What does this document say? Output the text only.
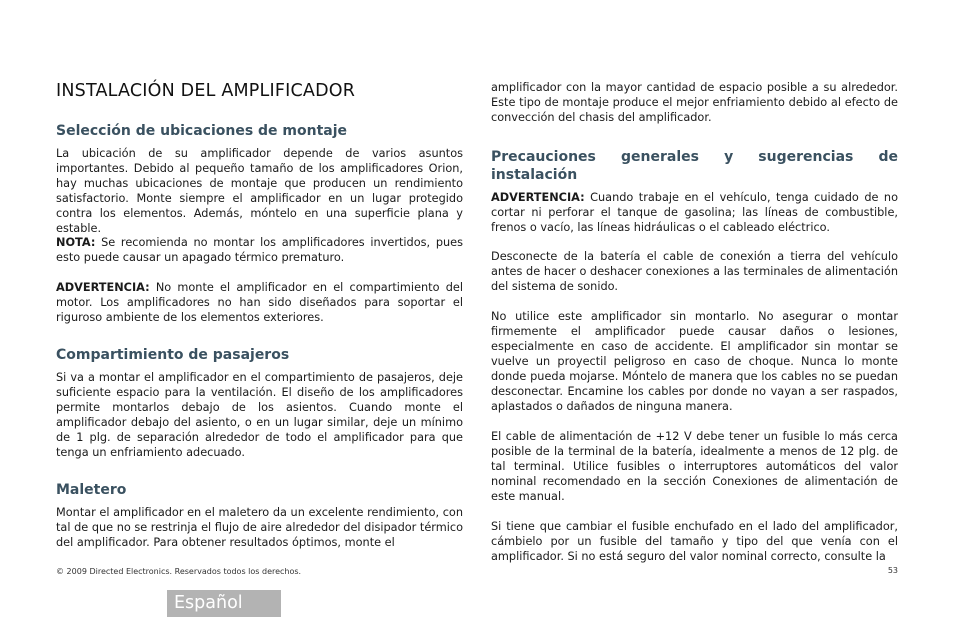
INSTALACIÓN DEL AMPLIFICADOR
Selección de ubicaciones de montaje

La ubicación de su amplificador depende de varios asuntos importantes. Debido al pequeño tamaño de los amplificadores Orion, hay muchas ubicaciones de montaje que producen un rendimiento satisfactorio. Monte siempre el amplificador en un lugar protegido contra los elementos. Además, móntelo en una superficie plana y estable.

NOTA: Se recomienda no montar los amplificadores invertidos, pues esto puede causar un apagado térmico prematuro.

ADVERTENCIA: No monte el amplificador en el compartimiento del motor. Los amplificadores no han sido diseñados para soportar el riguroso ambiente de los elementos exteriores.

Compartimiento de pasajeros

Si va a montar el amplificador en el compartimiento de pasajeros, deje suficiente espacio para la ventilación. El diseño de los amplificadores permite montarlos debajo de los asientos. Cuando monte el amplificador debajo del asiento, o en un lugar similar, deje un mínimo de 1 plg. de separación alrededor de todo el amplificador para que tenga un enfriamiento adecuado.

Maletero

Montar el amplificador en el maletero da un excelente rendimiento, con tal de que no se restrinja el flujo de aire alrededor del disipador térmico del amplificador. Para obtener resultados óptimos, monte el

amplificador con la mayor cantidad de espacio posible a su alrededor. Este tipo de montaje produce el mejor enfriamiento debido al efecto de convección del chasis del amplificador.

Precauciones generales y sugerencias de instalación

ADVERTENCIA: Cuando trabaje en el vehículo, tenga cuidado de no cortar ni perforar el tanque de gasolina; las líneas de combustible, frenos o vacío, las líneas hidráulicas o el cableado eléctrico.

Desconecte de la batería el cable de conexión a tierra del vehículo antes de hacer o deshacer conexiones a las terminales de alimentación del sistema de sonido.

No utilice este amplificador sin montarlo. No asegurar o montar firmemente el amplificador puede causar daños o lesiones, especialmente en caso de accidente. El amplificador sin montar se vuelve un proyectil peligroso en caso de choque. Nunca lo monte donde pueda mojarse. Móntelo de manera que los cables no se puedan desconectar. Encamine los cables por donde no vayan a ser raspados, aplastados o dañados de ninguna manera.

El cable de alimentación de +12 V debe tener un fusible lo más cerca posible de la terminal de la batería, idealmente a menos de 12 plg. de tal terminal. Utilice fusibles o interruptores automáticos del valor nominal recomendado en la sección Conexiones de alimentación de este manual.

Si tiene que cambiar el fusible enchufado en el lado del amplificador, cámbielo por un fusible del tamaño y tipo del que venía con el amplificador. Si no está seguro del valor nominal correcto, consulte la

© 2009 Directed Electronics. Reservados todos los derechos.	53
Español
